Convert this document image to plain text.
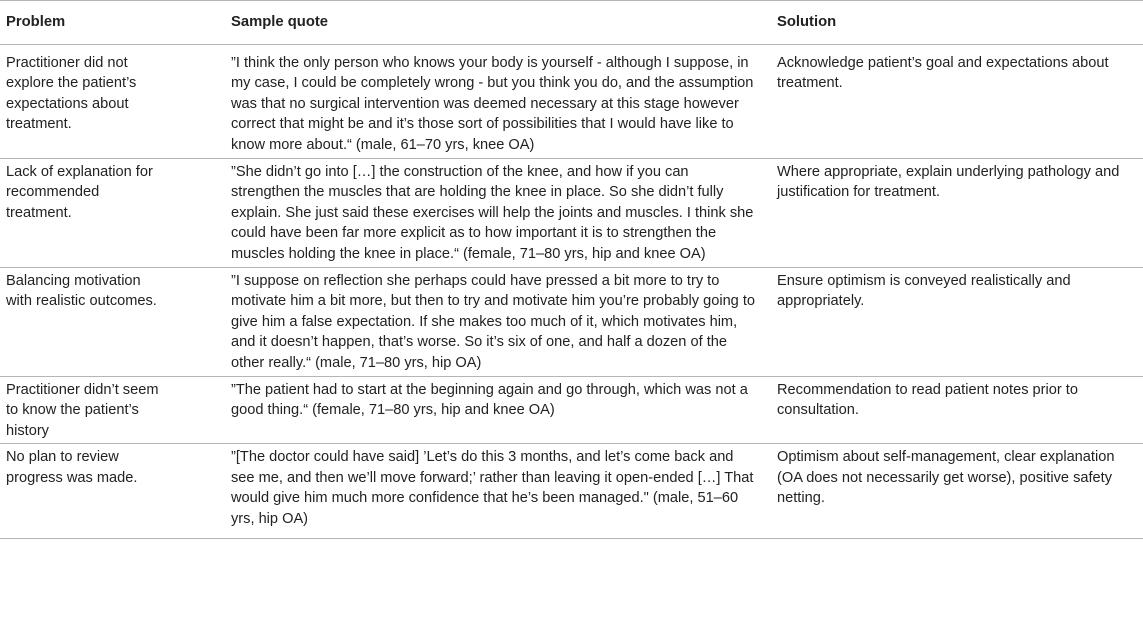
Problem	Sample quote	Solution
Practitioner did not explore the patient’s expectations about treatment.	”I think the only person who knows your body is yourself - although I suppose, in my case, I could be completely wrong - but you think you do, and the assumption was that no surgical intervention was deemed necessary at this stage however correct that might be and it’s those sort of possibilities that I would have like to know more about.“ (male, 61–70 yrs, knee OA)	Acknowledge patient’s goal and expectations about treatment.
Lack of explanation for recommended treatment.	”She didn’t go into […] the construction of the knee, and how if you can strengthen the muscles that are holding the knee in place. So she didn’t fully explain. She just said these exercises will help the joints and muscles. I think she could have been far more explicit as to how important it is to strengthen the muscles holding the knee in place.“ (female, 71–80 yrs, hip and knee OA)	Where appropriate, explain underlying pathology and justification for treatment.
Balancing motivation with realistic outcomes.	”I suppose on reflection she perhaps could have pressed a bit more to try to motivate him a bit more, but then to try and motivate him you’re probably going to give him a false expectation. If she makes too much of it, which motivates him, and it doesn’t happen, that’s worse. So it’s six of one, and half a dozen of the other really.“ (male, 71–80 yrs, hip OA)	Ensure optimism is conveyed realistically and appropriately.
Practitioner didn’t seem to know the patient’s history	”The patient had to start at the beginning again and go through, which was not a good thing.“ (female, 71–80 yrs, hip and knee OA)	Recommendation to read patient notes prior to consultation.
No plan to review progress was made.	”[The doctor could have said] ’Let’s do this 3 months, and let’s come back and see me, and then we’ll move forward;’ rather than leaving it open-ended […] That would give him much more confidence that he’s been managed." (male, 51–60 yrs, hip OA)	Optimism about self-management, clear explanation (OA does not necessarily get worse), positive safety netting.
